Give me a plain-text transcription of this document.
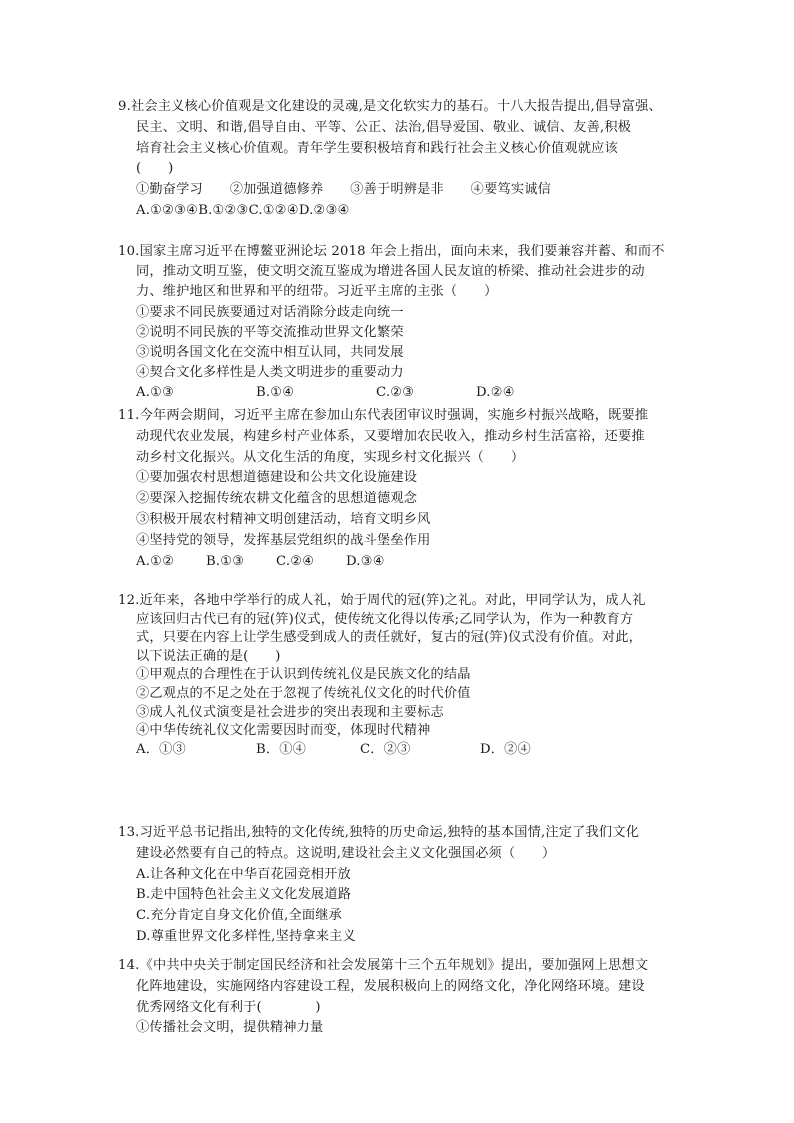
9.社会主义核心价值观是文化建设的灵魂,是文化软实力的基石。十八大报告提出,倡导富强、
民主、文明、和谐,倡导自由、平等、公正、法治,倡导爱国、敬业、诚信、友善,积极
培育社会主义核心价值观。青年学生要积极培育和践行社会主义核心价值观就应该
(　　)
①勤奋学习　　②加强道德修养　　③善于明辨是非　　④要笃实诚信
A.①②③④B.①②③C.①②④D.②③④
10.国家主席习近平在博鳌亚洲论坛 2018 年会上指出，面向未来，我们要兼容并蓄、和而不
同，推动文明互鉴，使文明交流互鉴成为增进各国人民友谊的桥梁、推动社会进步的动
力、维护地区和世界和平的纽带。习近平主席的主张（　　）
①要求不同民族要通过对话消除分歧走向统一
②说明不同民族的平等交流推动世界文化繁荣
③说明各国文化在交流中相互认同，共同发展
④契合文化多样性是人类文明进步的重要动力
A.①③	B.①④	C.②③	D.②④
11.今年两会期间，习近平主席在参加山东代表团审议时强调，实施乡村振兴战略，既要推
动现代农业发展，构建乡村产业体系，又要增加农民收入，推动乡村生活富裕，还要推
动乡村文化振兴。从文化生活的角度，实现乡村文化振兴（　　）
①要加强农村思想道德建设和公共文化设施建设
②要深入挖掘传统农耕文化蕴含的思想道德观念
③积极开展农村精神文明创建活动，培育文明乡风
④坚持党的领导，发挥基层党组织的战斗堡垒作用
A.①② B.①③ C.②④ D.③④
12.近年来，各地中学举行的成人礼，始于周代的冠(笄)之礼。对此，甲同学认为，成人礼
应该回归古代已有的冠(笄)仪式，使传统文化得以传承;乙同学认为，作为一种教育方
式，只要在内容上让学生感受到成人的责任就好，复古的冠(笄)仪式没有价值。对此，
以下说法正确的是(　　)
①甲观点的合理性在于认识到传统礼仪是民族文化的结晶
②乙观点的不足之处在于忽视了传统礼仪文化的时代价值
③成人礼仪式演变是社会进步的突出表现和主要标志
④中华传统礼仪文化需要因时而变，体现时代精神
A．①③	B．①④	C．②③	D．②④
13.习近平总书记指出,独特的文化传统,独特的历史命运,独特的基本国情,注定了我们文化
建设必然要有自己的特点。这说明,建设社会主义文化强国必须（　　）
A.让各种文化在中华百花园竞相开放
B.走中国特色社会主义文化发展道路
C.充分肯定自身文化价值,全面继承
D.尊重世界文化多样性,坚持拿来主义
14.《中共中央关于制定国民经济和社会发展第十三个五年规划》提出，要加强网上思想文
化阵地建设，实施网络内容建设工程，发展积极向上的网络文化，净化网络环境。建设
优秀网络文化有利于(　　　　)
①传播社会文明，提供精神力量
